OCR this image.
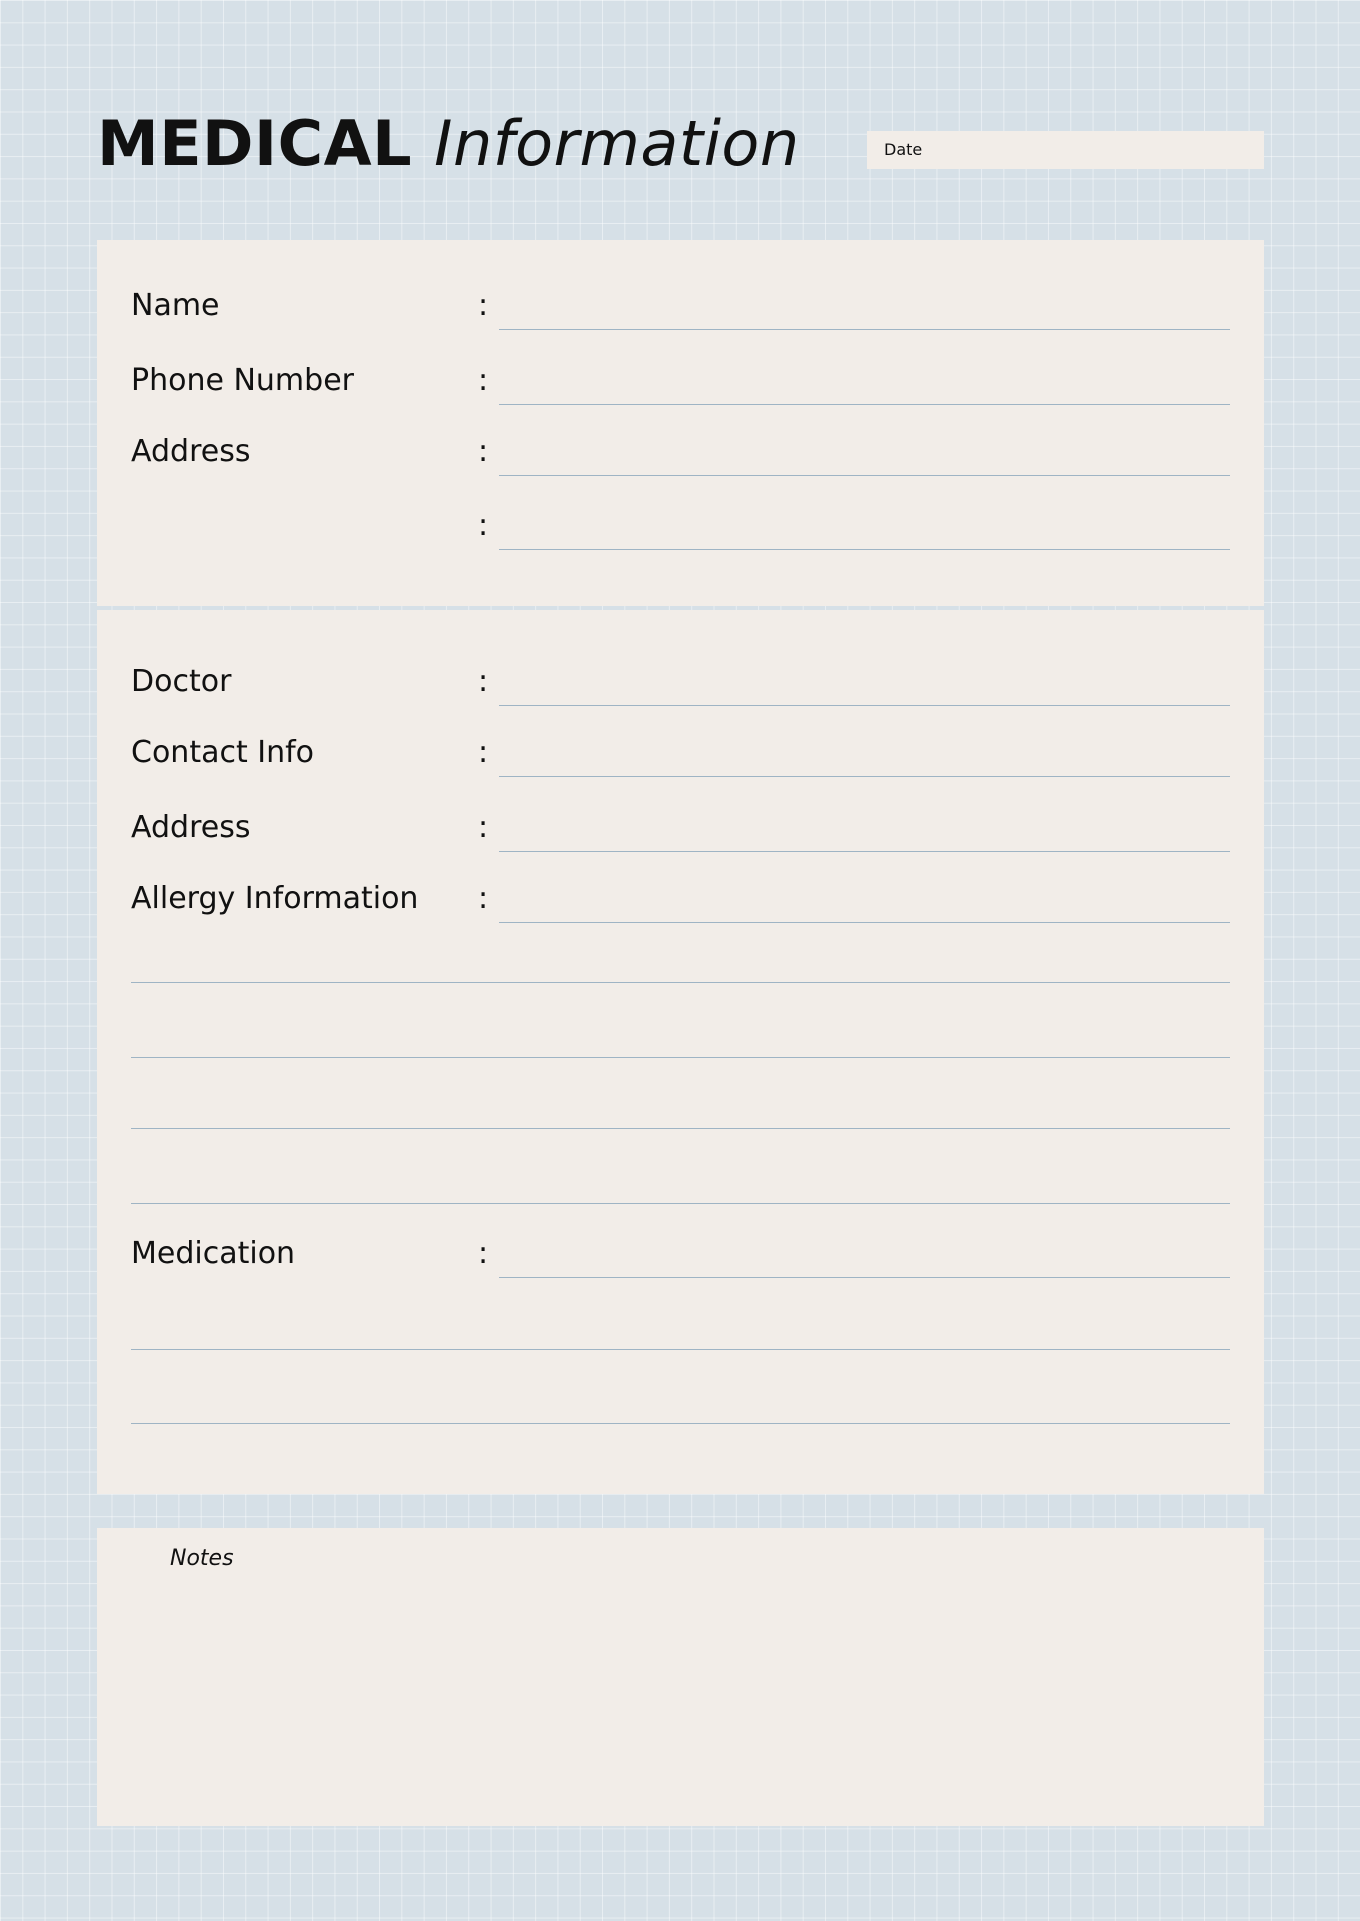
MEDICAL Information	Date
Name	:
Phone Number	:
Address	:
:
Doctor	:
Contact Info	:
Address	:
Allergy Information :
Medication	:
Notes
